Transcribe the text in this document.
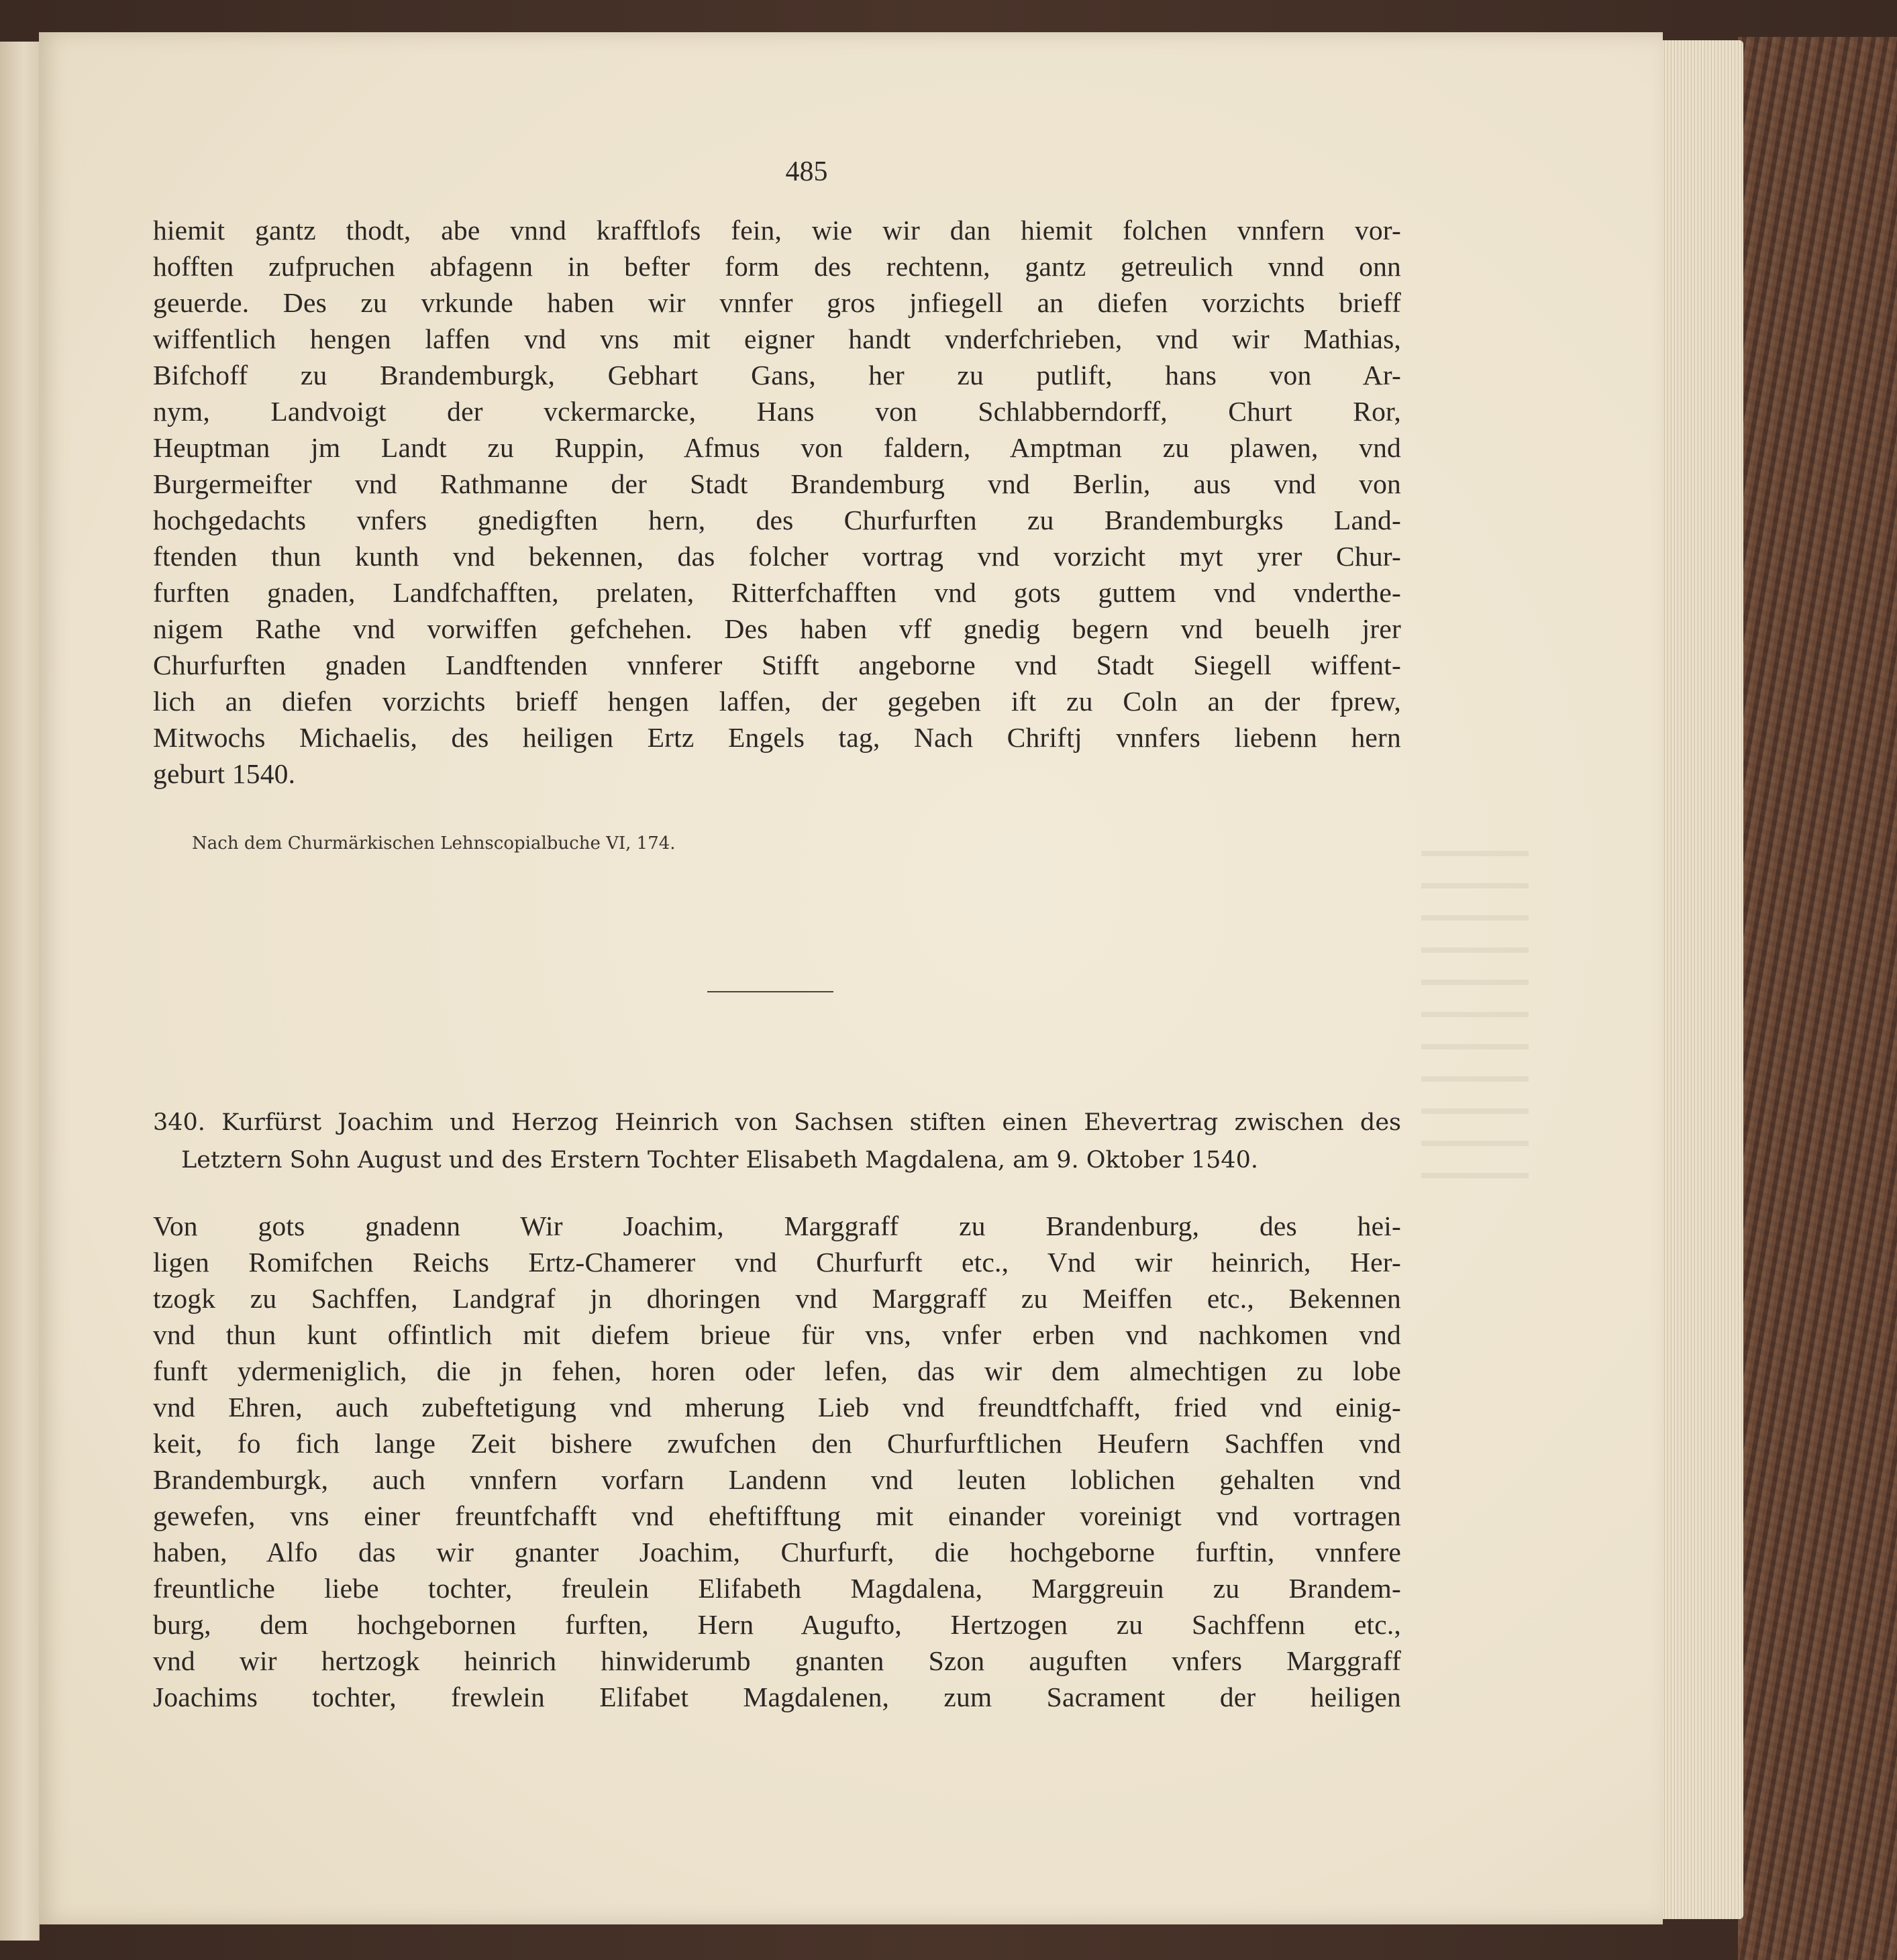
485
hiemit gantz thodt, abe vnnd krafftlofs fein, wie wir dan hiemit folchen vnnfern vor-
hofften zufpruchen abfagenn in befter form des rechtenn, gantz getreulich vnnd onn
geuerde. Des zu vrkunde haben wir vnnfer gros jnfiegell an diefen vorzichts brieff
wiffentlich hengen laffen vnd vns mit eigner handt vnderfchrieben, vnd wir Mathias,
Bifchoff zu Brandemburgk, Gebhart Gans, her zu putlift, hans von Ar-
nym, Landvoigt der vckermarcke, Hans von Schlabberndorff, Churt Ror,
Heuptman jm Landt zu Ruppin, Afmus von faldern, Amptman zu plawen, vnd
Burgermeifter vnd Rathmanne der Stadt Brandemburg vnd Berlin, aus vnd von
hochgedachts vnfers gnedigften hern, des Churfurften zu Brandemburgks Land-
ftenden thun kunth vnd bekennen, das folcher vortrag vnd vorzicht myt yrer Chur-
furften gnaden, Landfchafften, prelaten, Ritterfchafften vnd gots guttem vnd vnderthe-
nigem Rathe vnd vorwiffen gefchehen. Des haben vff gnedig begern vnd beuelh jrer
Churfurften gnaden Landftenden vnnferer Stifft angeborne vnd Stadt Siegell wiffent-
lich an diefen vorzichts brieff hengen laffen, der gegeben ift zu Coln an der fprew,
Mitwochs Michaelis, des heiligen Ertz Engels tag, Nach Chriftj vnnfers liebenn hern
geburt 1540.
Nach dem Churmärkischen Lehnscopialbuche VI, 174.
340. Kurfürst Joachim und Herzog Heinrich von Sachsen stiften einen Ehevertrag zwischen des
Letztern Sohn August und des Erstern Tochter Elisabeth Magdalena, am 9. Oktober 1540.
Von gots gnadenn Wir Joachim, Marggraff zu Brandenburg, des hei-
ligen Romifchen Reichs Ertz-Chamerer vnd Churfurft etc., Vnd wir heinrich, Her-
tzogk zu Sachffen, Landgraf jn dhoringen vnd Marggraff zu Meiffen etc., Bekennen
vnd thun kunt offintlich mit diefem brieue für vns, vnfer erben vnd nachkomen vnd
funft ydermeniglich, die jn fehen, horen oder lefen, das wir dem almechtigen zu lobe
vnd Ehren, auch zubeftetigung vnd mherung Lieb vnd freundtfchafft, fried vnd einig-
keit, fo fich lange Zeit bishere zwufchen den Churfurftlichen Heufern Sachffen vnd
Brandemburgk, auch vnnfern vorfarn Landenn vnd leuten loblichen gehalten vnd
gewefen, vns einer freuntfchafft vnd eheftifftung mit einander voreinigt vnd vortragen
haben, Alfo das wir gnanter Joachim, Churfurft, die hochgeborne furftin, vnnfere
freuntliche liebe tochter, freulein Elifabeth Magdalena, Marggreuin zu Brandem-
burg, dem hochgebornen furften, Hern Augufto, Hertzogen zu Sachffenn etc.,
vnd wir hertzogk heinrich hinwiderumb gnanten Szon auguften vnfers Marggraff
Joachims tochter, frewlein Elifabet Magdalenen, zum Sacrament der heiligen
